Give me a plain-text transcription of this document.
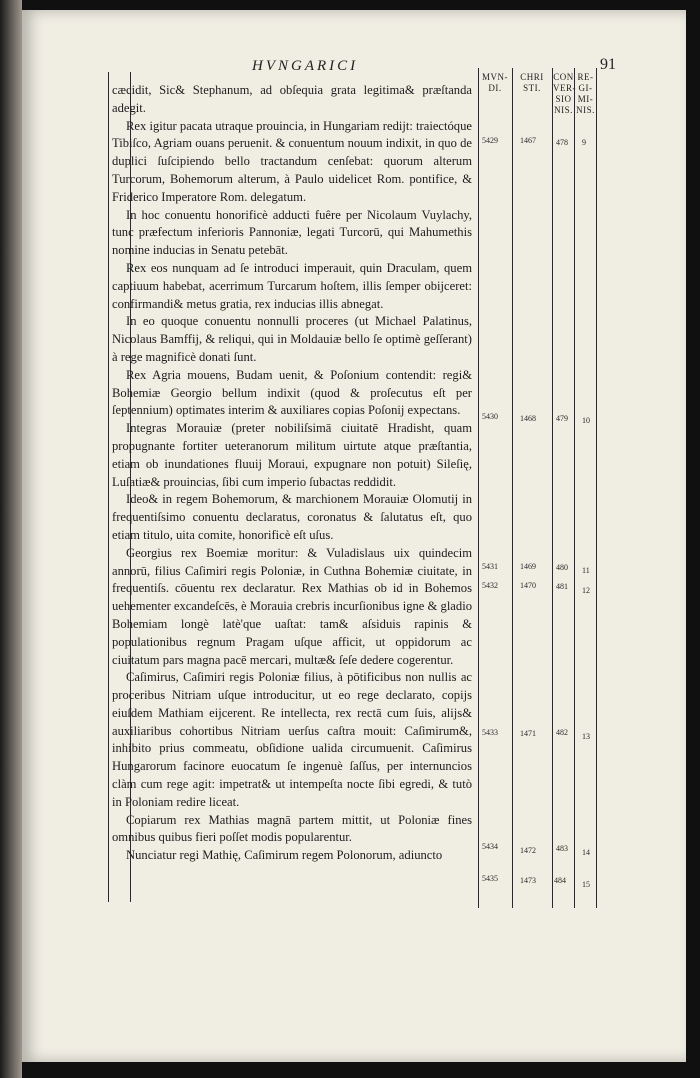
HVNGARICI	91
MVN-
DI.
CHRI
STI.
CON
VER-
SIO
NIS.
RE-
GI-
MI-
NIS.

cæcidit, Sic& Stephanum, ad obſequia grata legitima& præſtanda adegit.

Rex igitur pacata utraque prouincia, in Hungariam redijt: traiectóque Tibiſco, Agriam ouans peruenit. & conuentum nouum indixit, in quo de duplici ſuſcipiendo bello tractandum cenſebat: quorum alterum Turcorum, Bohemorum alterum, à Paulo uidelicet Rom. pontifice, & Friderico Imperatore Rom. delegatum.

In hoc conuentu honorificè adducti fuêre per Nicolaum Vuylachy, tunc præfectum inferioris Pannoniæ, legati Turcorū, qui Mahumethis nomine inducias in Senatu petebāt.

Rex eos nunquam ad ſe introduci imperauit, quin Draculam, quem captiuum habebat, acerrimum Turcarum hoſtem, illis ſemper obijceret: confirmandi& metus gratia, rex inducias illis abnegat.

In eo quoque conuentu nonnulli proceres (ut Michael Palatinus, Nicolaus Bamffij, & reliqui, qui in Moldauiæ bello ſe optimè geſſerant) à rege magnificè donati ſunt.

Rex Agria mouens, Budam uenit, & Poſonium contendit: regi& Bohemiæ Georgio bellum indixit (quod & proſecutus eſt per ſeptennium) optimates interim & auxiliares copias Poſonij expectans.

Integras Morauiæ (preter nobiliſsimā ciuitatē Hradisht, quam propugnante fortiter ueteranorum militum uirtute atque præſtantia, etiam ob inundationes fluuij Moraui, expugnare non potuit) Sileſię, Luſatiæ& prouincias, ſibi cum imperio ſubactas reddidit.

Ideo& in regem Bohemorum, & marchionem Morauiæ Olomutij in frequentiſsimo conuentu declaratus, coronatus & ſalutatus eſt, quo etiam titulo, uita comite, honorificè eſt uſus.

Georgius rex Boemiæ moritur: & Vuladislaus uix quindecim annorū, filius Caſimiri regis Poloniæ, in Cuthna Bohemiæ ciuitate, in frequentiſs. cōuentu rex declaratur. Rex Mathias ob id in Bohemos uehementer excandeſcēs, è Morauia crebris incurſionibus igne & gladio Bohemiam longè latè'que uaſtat: tam& aſsiduis rapinis & populationibus regnum Pragam uſque afficit, ut oppidorum ac ciuitatum pars magna pacē mercari, multæ& ſeſe dedere cogerentur.

Caſimirus, Caſimiri regis Poloniæ filius, à pōtificibus non nullis ac proceribus Nitriam uſque introducitur, ut eo rege declarato, copijs eiuſdem Mathiam eijcerent. Re intellecta, rex rectā cum ſuis, alijs& auxiliaribus cohortibus Nitriam uerſus caſtra mouit: Caſimirum&, inhibito prius commeatu, obſidione ualida circumuenit. Caſimirus Hungarorum facinore euocatum ſe ingenuè ſaſſus, per internuncios clàm cum rege agit: impetrat& ut intempeſta nocte ſibi egredi, & tutò in Poloniam redire liceat.

Copiarum rex Mathias magnā partem mittit, ut Poloniæ fines omnibus quibus fieri poſſet modis popularentur.

Nunciatur regi Mathię, Caſimirum regem Polonorum, adiuncto

5429	1467	478 9
5430	1468	479 10
5431	1469	480 11
5432	1470	481 12
5433	1471	482 13
5434	1472	483 14
5435	1473 484 15
